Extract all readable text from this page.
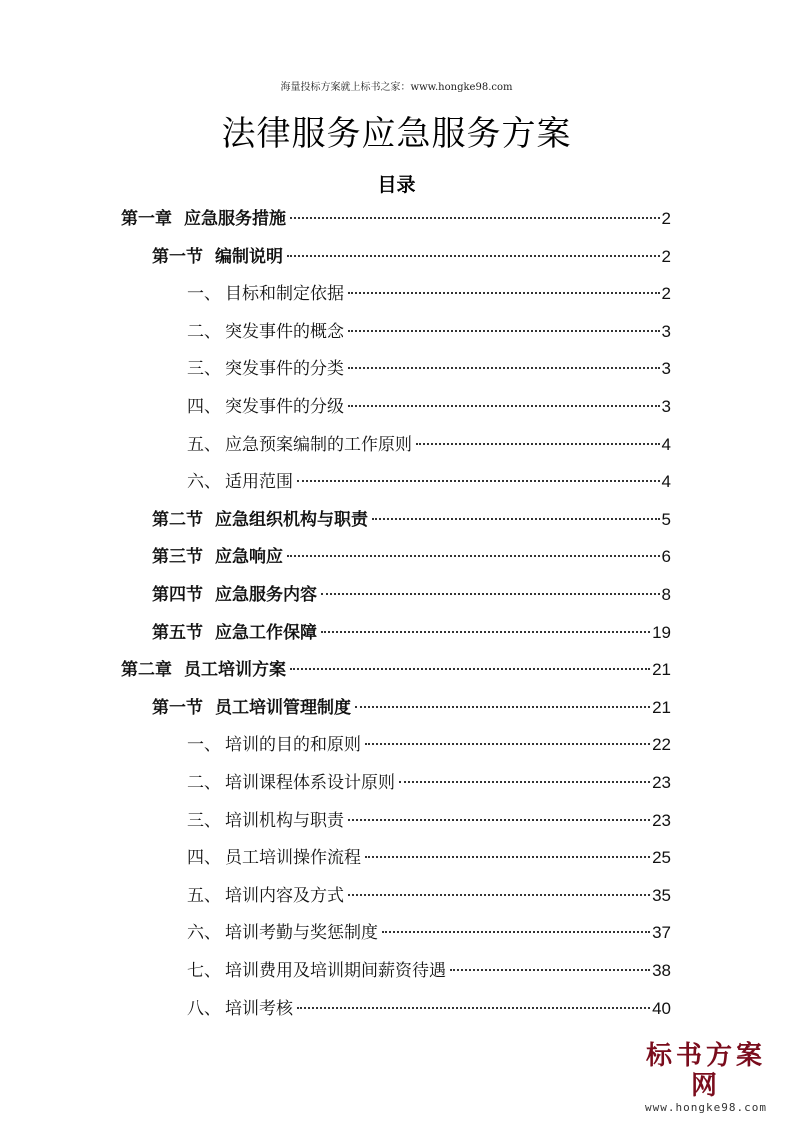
海量投标方案就上标书之家：www.hongke98.com
法律服务应急服务方案
目录
第一章 应急服务措施	2
第一节 编制说明	2
一、 目标和制定依据	2
二、 突发事件的概念	3
三、 突发事件的分类	3
四、 突发事件的分级	3
五、 应急预案编制的工作原则	4
六、 适用范围	4
第二节 应急组织机构与职责	5
第三节 应急响应	6
第四节 应急服务内容	8
第五节 应急工作保障	19
第二章 员工培训方案	21
第一节 员工培训管理制度	21
一、 培训的目的和原则	22
二、 培训课程体系设计原则	23
三、 培训机构与职责	23
四、 员工培训操作流程	25
五、 培训内容及方式	35
六、 培训考勤与奖惩制度	37
七、 培训费用及培训期间薪资待遇	38
八、 培训考核	40
标书方案网
www.hongke98.com
